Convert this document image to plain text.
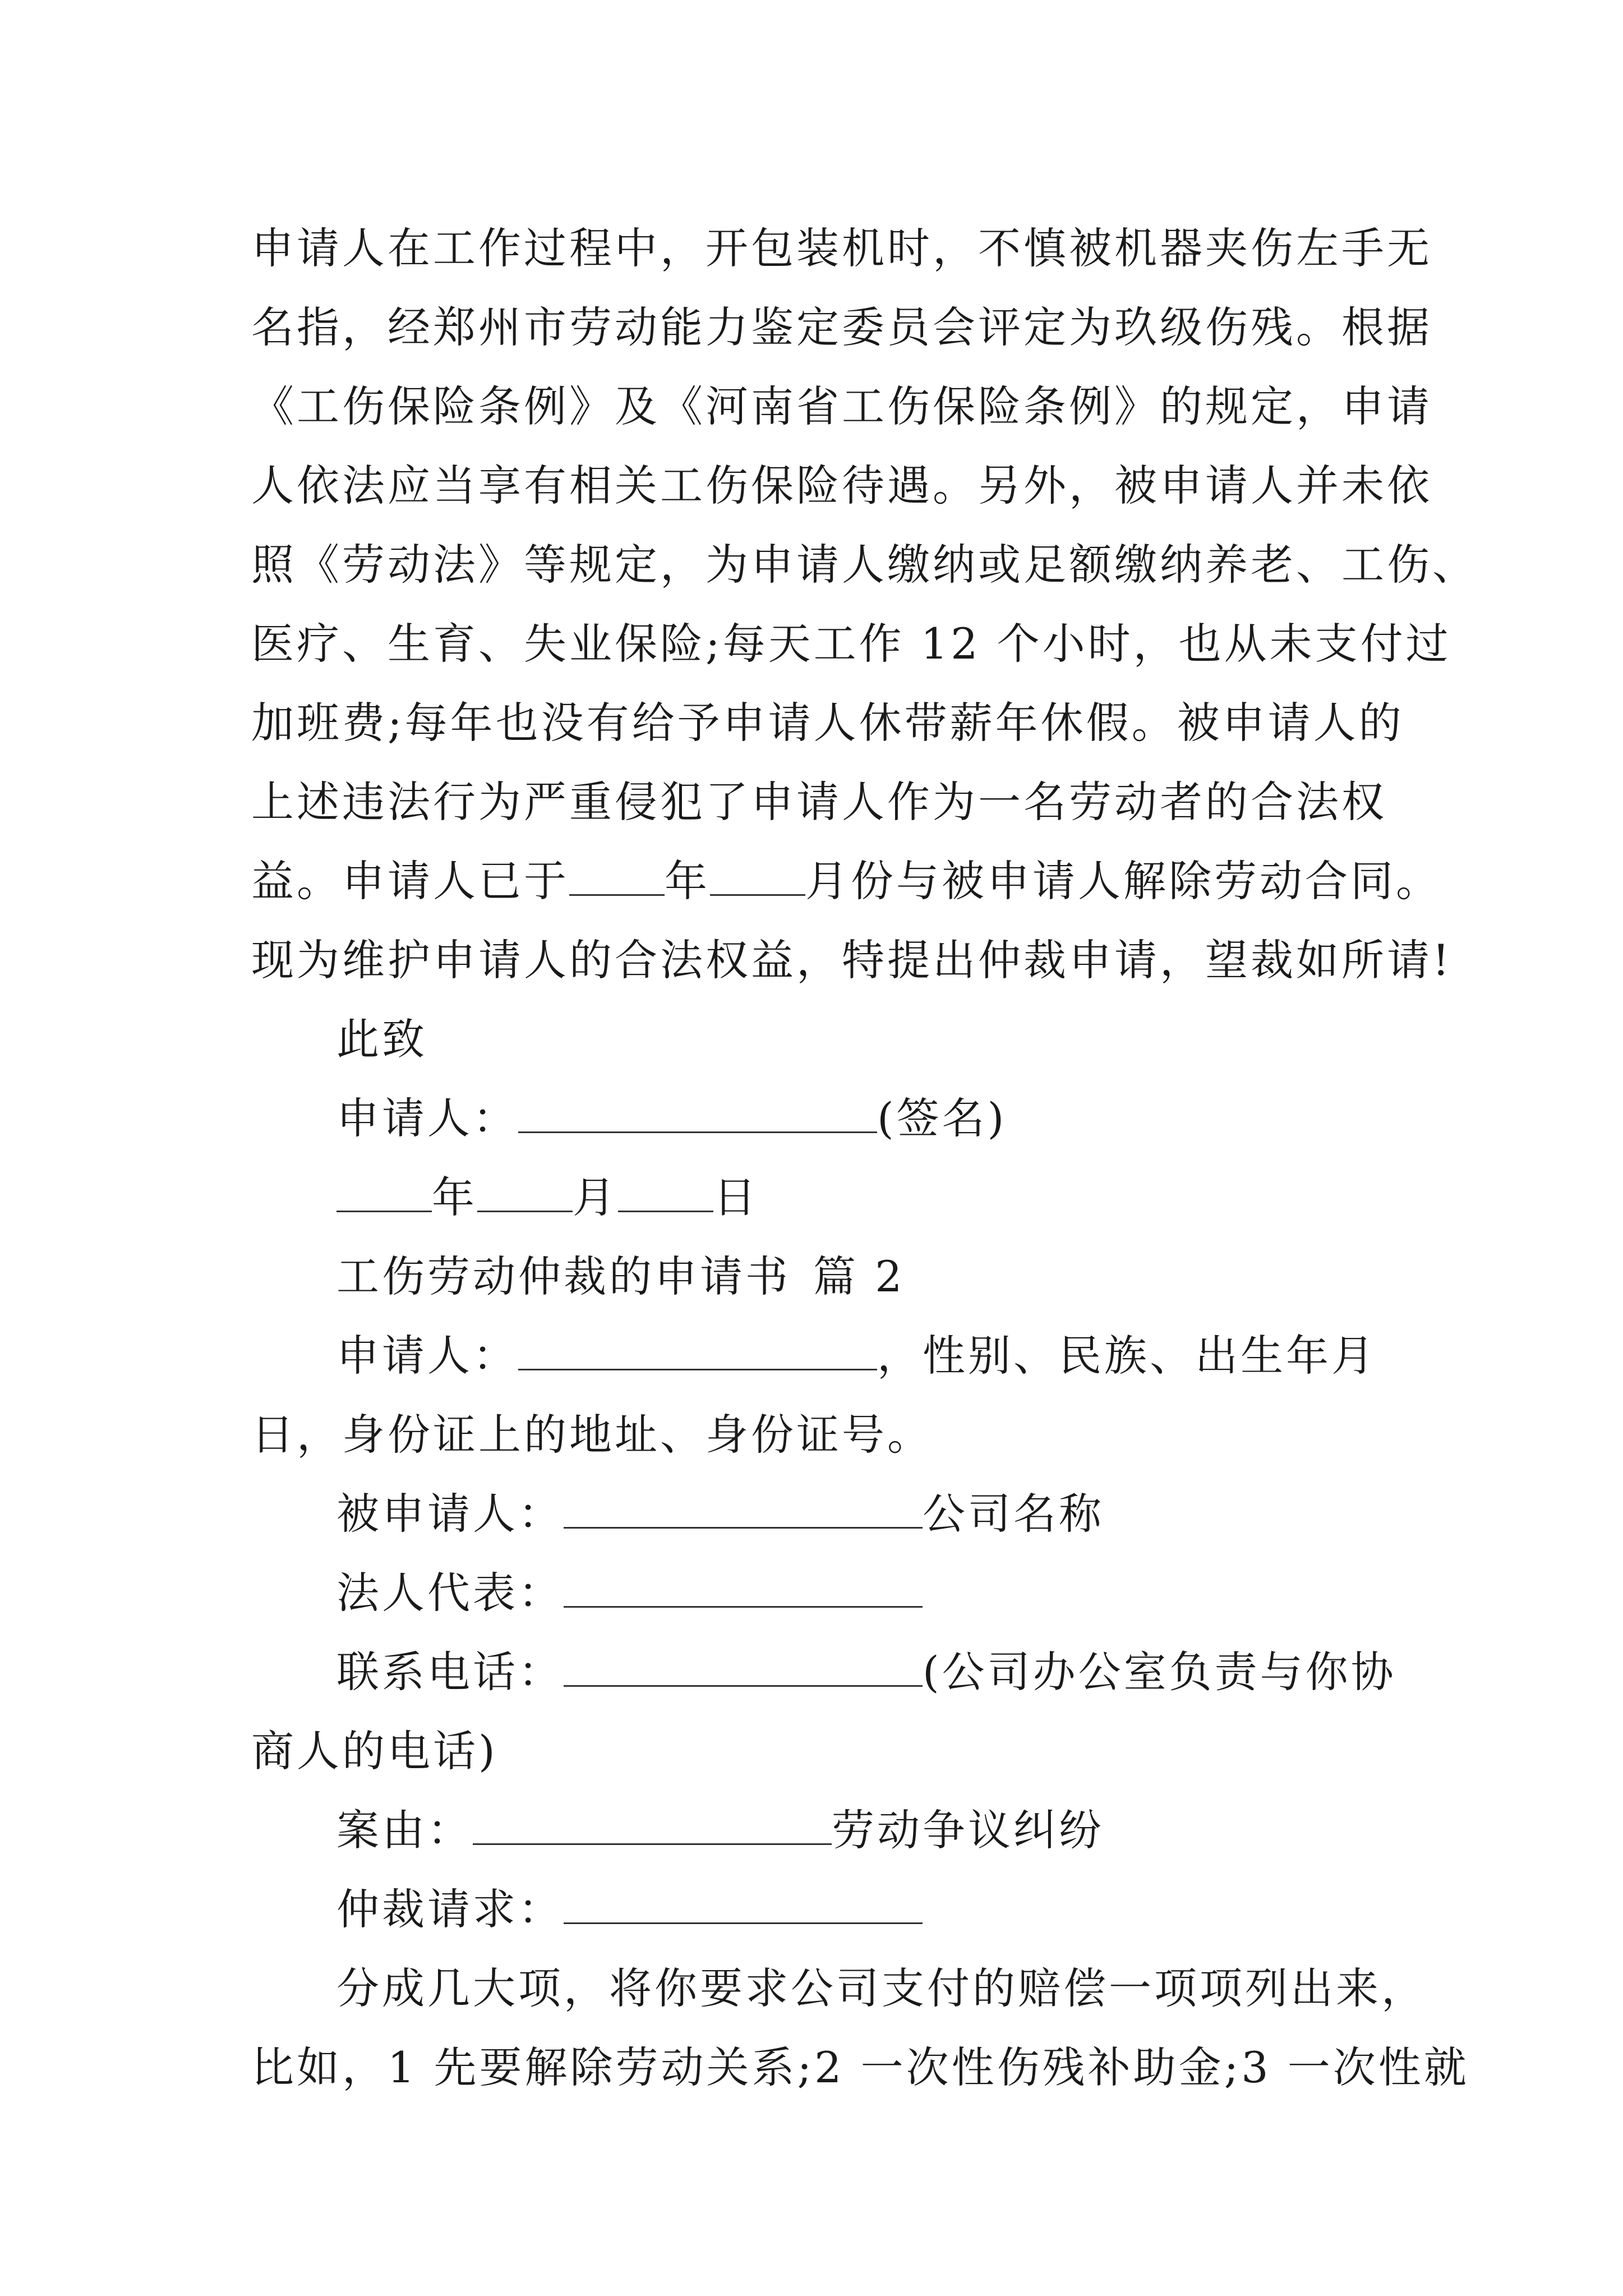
申请人在工作过程中，开包装机时，不慎被机器夹伤左手无
名指，经郑州市劳动能力鉴定委员会评定为玖级伤残。根据
《工伤保险条例》及《河南省工伤保险条例》的规定，申请
人依法应当享有相关工伤保险待遇。另外，被申请人并未依
照《劳动法》等规定，为申请人缴纳或足额缴纳养老、工伤、
医疗、生育、失业保险;每天工作 12 个小时，也从未支付过
加班费;每年也没有给予申请人休带薪年休假。被申请人的
上述违法行为严重侵犯了申请人作为一名劳动者的合法权
益。申请人已于 年 月份与被申请人解除劳动合同。
现为维护申请人的合法权益，特提出仲裁申请，望裁如所请!
此致
申请人：	(签名)
年 月 日
工伤劳动仲裁的申请书 篇 2
申请人：	，性别、民族、出生年月
日，身份证上的地址、身份证号。
被申请人：	公司名称
法人代表：
联系电话：	(公司办公室负责与你协
商人的电话)
案由：	劳动争议纠纷
仲裁请求：
分成几大项，将你要求公司支付的赔偿一项项列出来，
比如，1 先要解除劳动关系;2 一次性伤残补助金;3 一次性就
